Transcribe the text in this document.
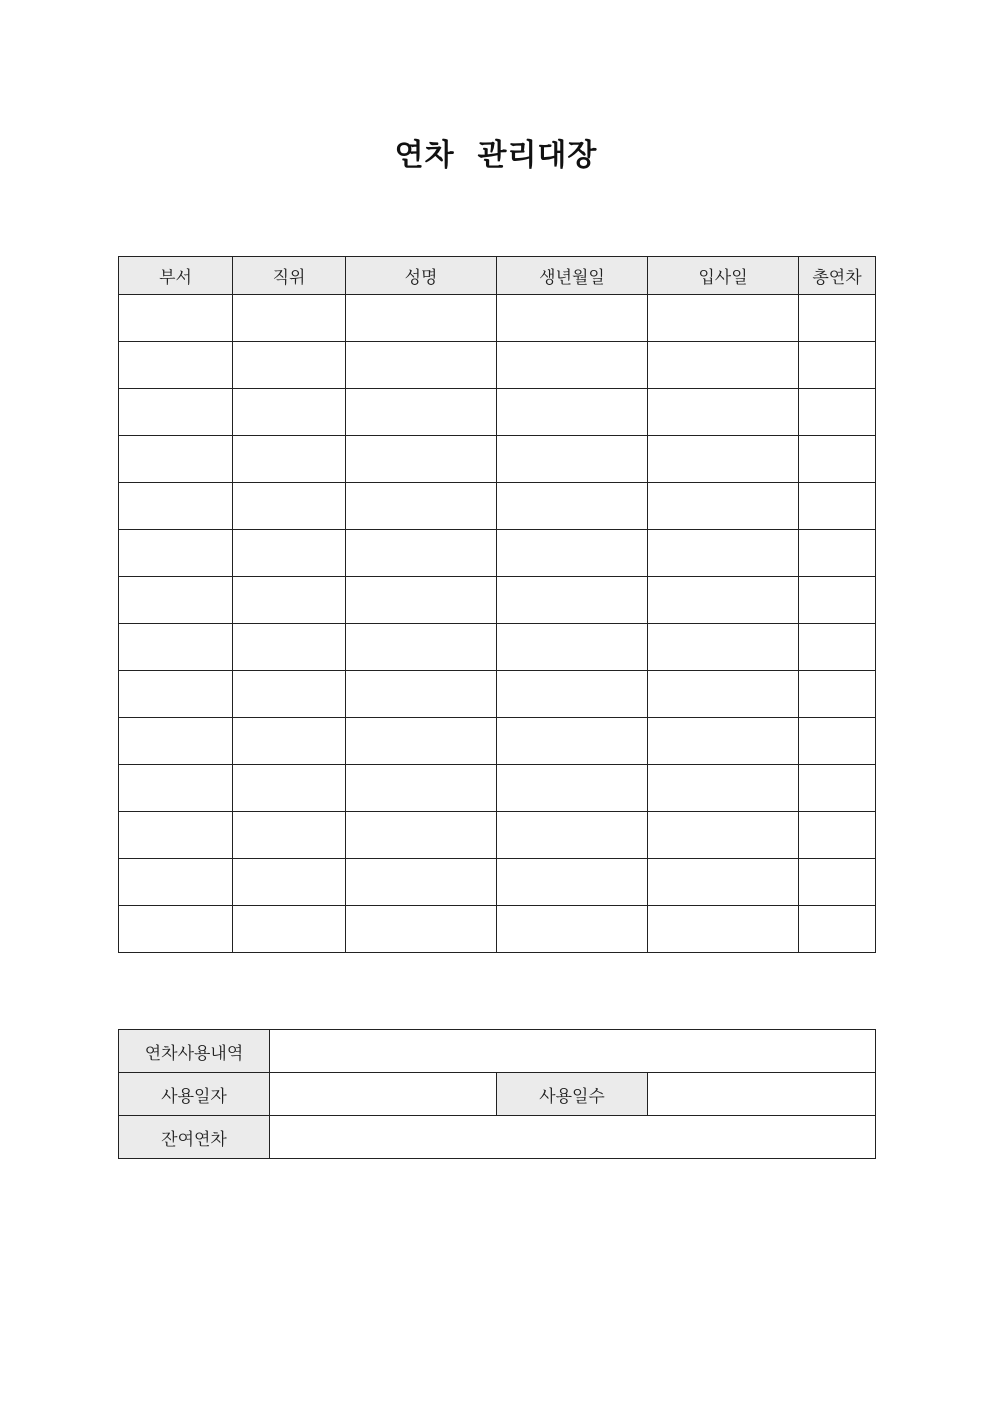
연차  관리대장
부서	직위	성명	생년월일	입사일	총연차

연차사용내역			
사용일자		사용일수	
잔여연차			
